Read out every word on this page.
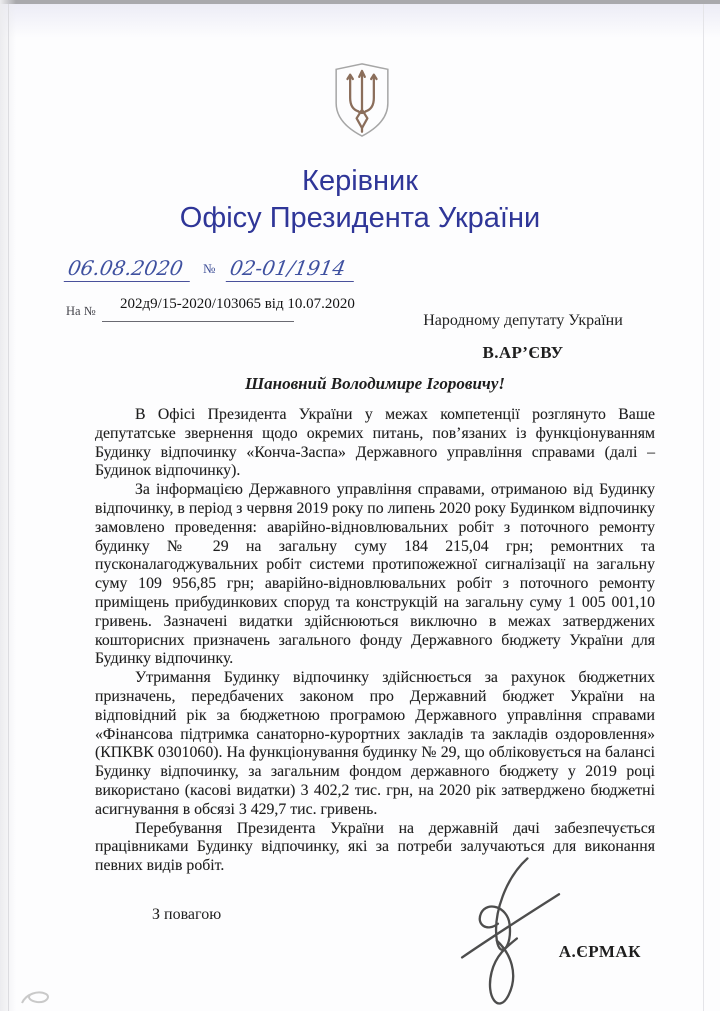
Керівник
Офісу Президента України
06.08.2020 № 02-01/1914
На № 202д9/15-2020/103065 від 10.07.2020
Народному депутату України
В.АР’ЄВУ
Шановний Володимире Ігоровичу!

В Офісі Президента України у межах компетенції розглянуто Ваше депутатське звернення щодо окремих питань, пов’язаних із функціонуванням Будинку відпочинку «Конча-Заспа» Державного управління справами (далі – Будинок відпочинку).

За інформацією Державного управління справами, отриманою від Будинку відпочинку, в період з червня 2019 року по липень 2020 року Будинком відпочинку замовлено проведення: аварійно-відновлювальних робіт з поточного ремонту будинку № 29 на загальну суму 184 215,04 грн; ремонтних та пусконалагоджувальних робіт системи протипожежної сигналізації на загальну суму 109 956,85 грн; аварійно-відновлювальних робіт з поточного ремонту приміщень прибудинкових споруд та конструкцій на загальну суму 1 005 001,10 гривень. Зазначені видатки здійснюються виключно в межах затверджених кошторисних призначень загального фонду Державного бюджету України для Будинку відпочинку.

Утримання Будинку відпочинку здійснюється за рахунок бюджетних призначень, передбачених законом про Державний бюджет України на відповідний рік за бюджетною програмою Державного управління справами «Фінансова підтримка санаторно-курортних закладів та закладів оздоровлення» (КПКВК 0301060). На функціонування будинку № 29, що обліковується на балансі Будинку відпочинку, за загальним фондом державного бюджету у 2019 році використано (касові видатки) 3 402,2 тис. грн, на 2020 рік затверджено бюджетні асигнування в обсязі 3 429,7 тис. гривень.

Перебування Президента України на державній дачі забезпечується працівниками Будинку відпочинку, які за потреби залучаються для виконання певних видів робіт.

З повагою
А.ЄРМАК
